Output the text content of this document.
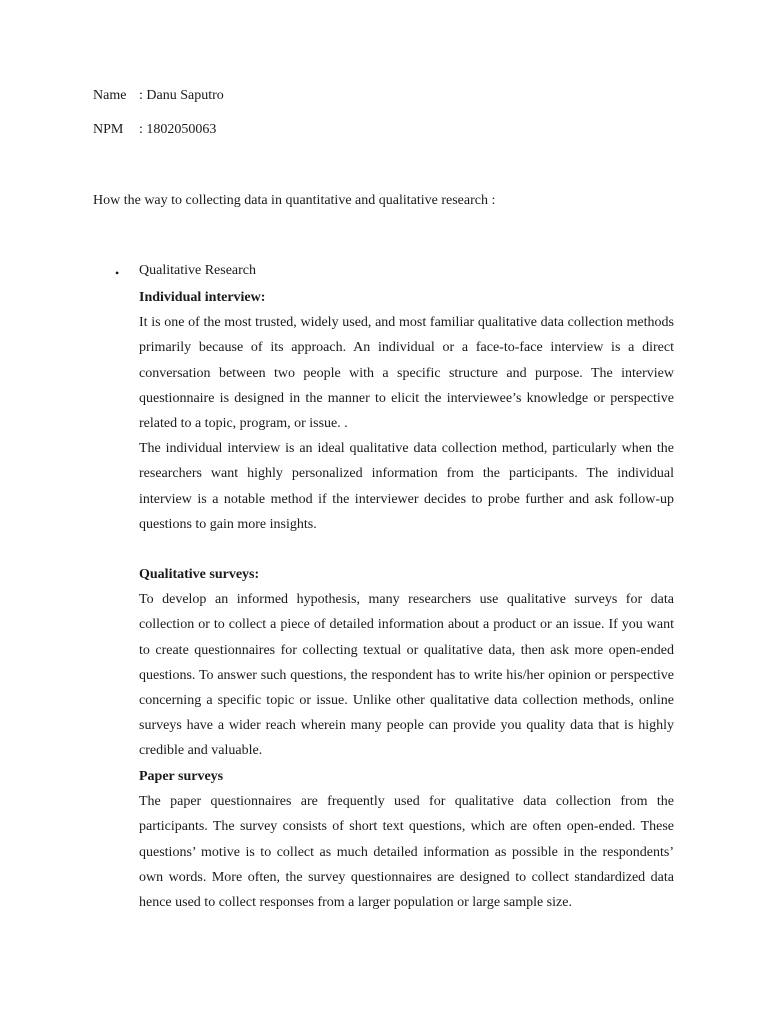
Name : Danu Saputro
NPM : 1802050063
How the way to collecting data in quantitative and qualitative research :
• Qualitative Research
Individual interview:

It is one of the most trusted, widely used, and most familiar qualitative data collection methods primarily because of its approach. An individual or a face-to-face interview is a direct conversation between two people with a specific structure and purpose. The interview questionnaire is designed in the manner to elicit the interviewee’s knowledge or perspective related to a topic, program, or issue. .

The individual interview is an ideal qualitative data collection method, particularly when the researchers want highly personalized information from the participants. The individual interview is a notable method if the interviewer decides to probe further and ask follow-up questions to gain more insights.

Qualitative surveys:

To develop an informed hypothesis, many researchers use qualitative surveys for data collection or to collect a piece of detailed information about a product or an issue. If you want to create questionnaires for collecting textual or qualitative data, then ask more open-ended questions. To answer such questions, the respondent has to write his/her opinion or perspective concerning a specific topic or issue. Unlike other qualitative data collection methods, online surveys have a wider reach wherein many people can provide you quality data that is highly credible and valuable.

Paper surveys

The paper questionnaires are frequently used for qualitative data collection from the participants. The survey consists of short text questions, which are often open-ended. These questions’ motive is to collect as much detailed information as possible in the respondents’ own words. More often, the survey questionnaires are designed to collect standardized data hence used to collect responses from a larger population or large sample size.
